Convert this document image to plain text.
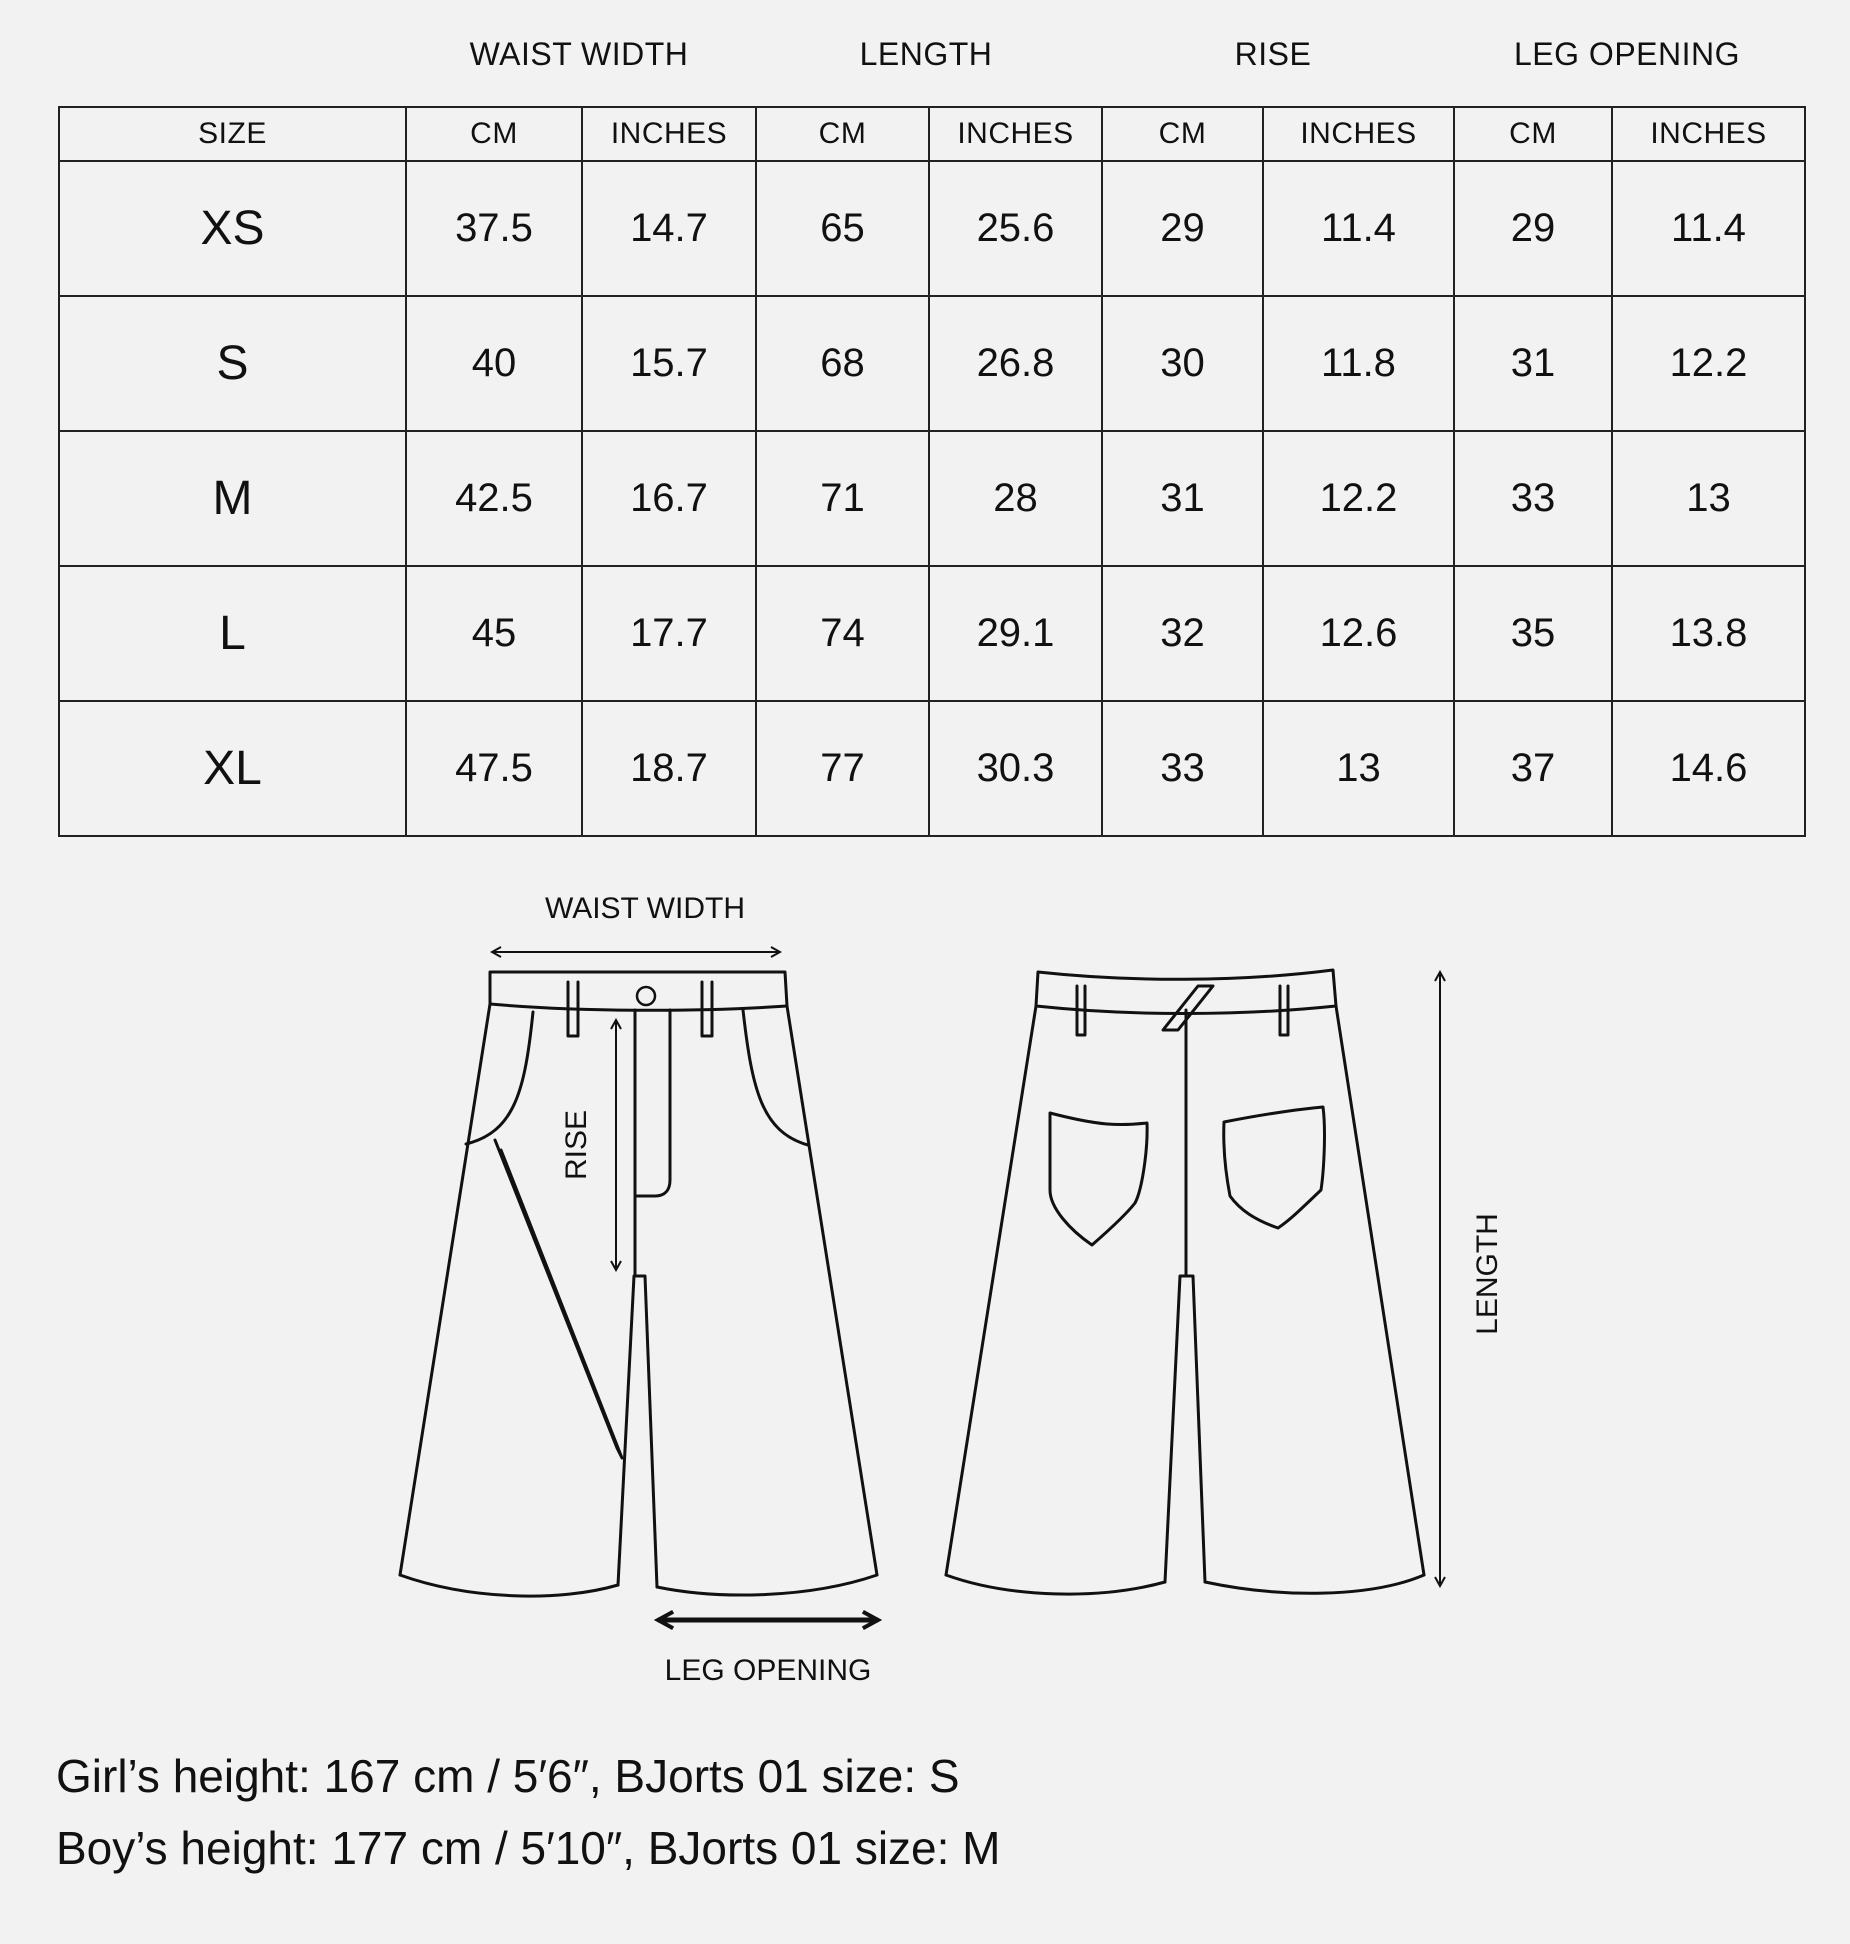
WAIST WIDTH	LENGTH	RISE	LEG OPENING
SIZE	CM	INCHES	CM	INCHES	CM	INCHES	CM	INCHES
XS	37.5	14.7	65	25.6	29	11.4	29	11.4
S	40	15.7	68	26.8	30	11.8	31	12.2
M	42.5	16.7	71	28	31	12.2	33	13
L	45	17.7	74	29.1	32	12.6	35	13.8
XL	47.5	18.7	77	30.3	33	13	37	14.6
WAIST WIDTH
RISE
LEG OPENING
LENGTH
Girl’s height: 167 cm / 5′6″, BJorts 01 size: S
Boy’s height: 177 cm / 5′10″, BJorts 01 size: M
